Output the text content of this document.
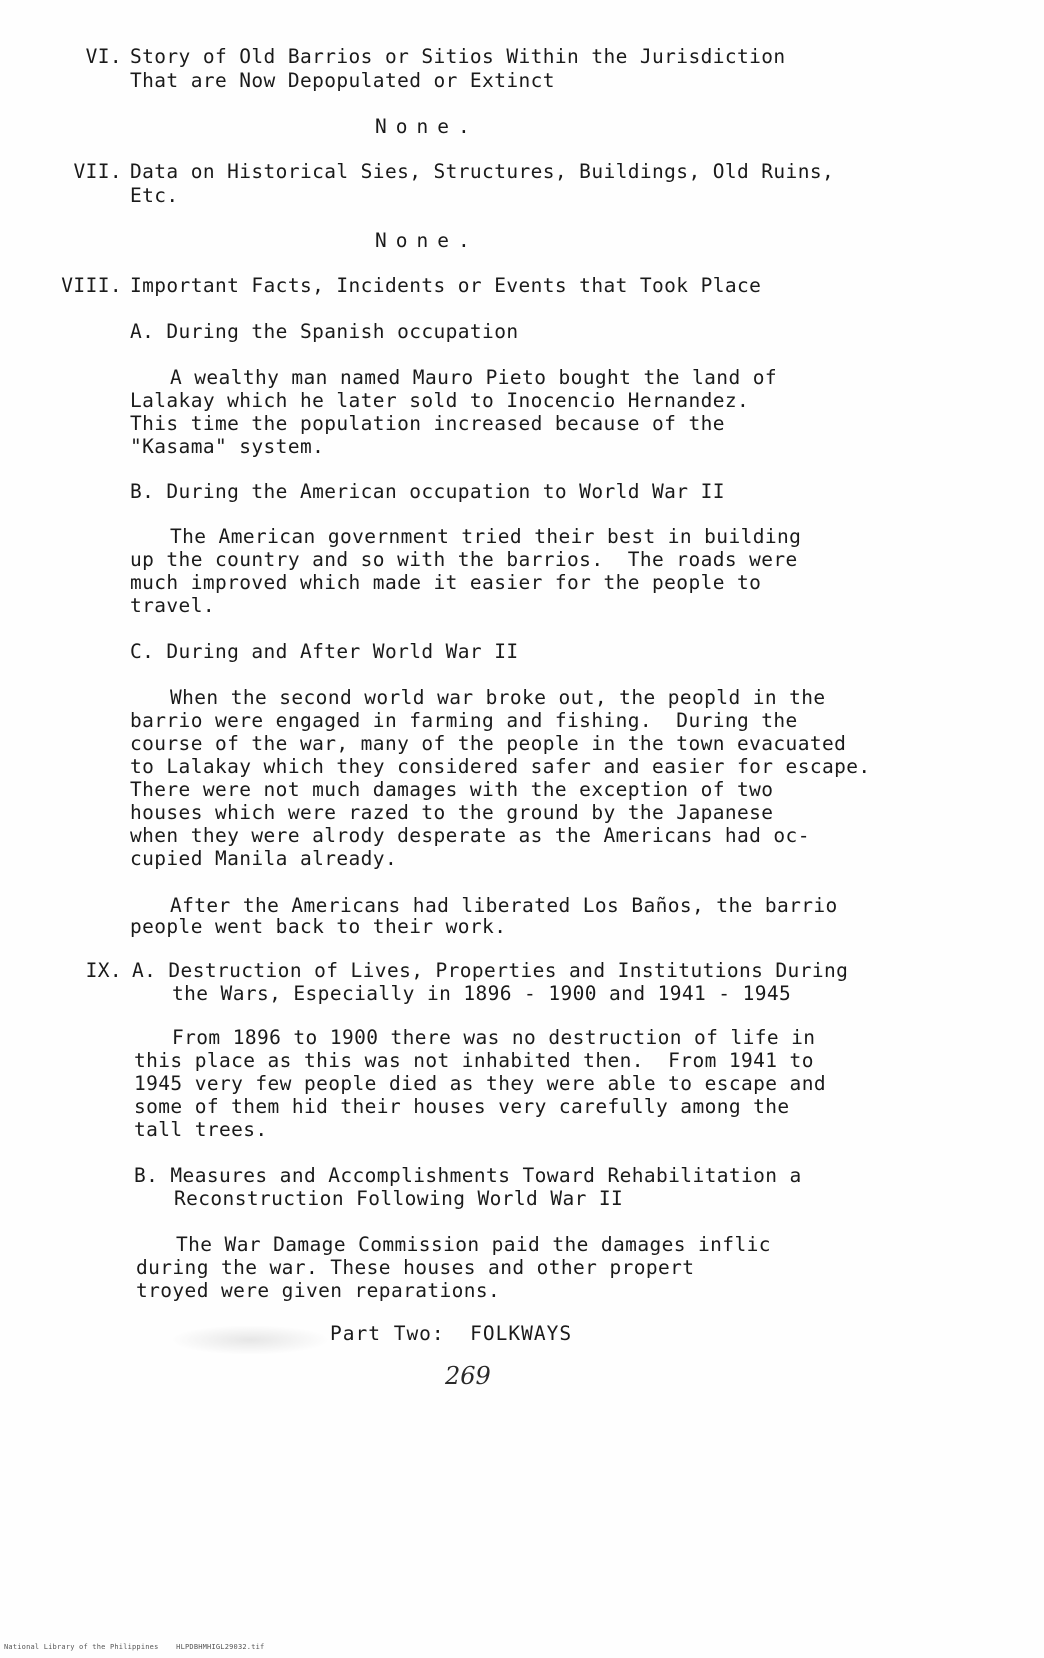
VI. Story of Old Barrios or Sitios Within the Jurisdiction
That are Now Depopulated or Extinct
None.
VII. Data on Historical Sies, Structures, Buildings, Old Ruins,
Etc.
None.
VIII. Important Facts, Incidents or Events that Took Place
A. During the Spanish occupation
A wealthy man named Mauro Pieto bought the land of
Lalakay which he later sold to Inocencio Hernandez.
This time the population increased because of the
"Kasama" system.
B. During the American occupation to World War II
The American government tried their best in building
up the country and so with the barrios.  The roads were
much improved which made it easier for the people to
travel.
C. During and After World War II
When the second world war broke out, the peopld in the
barrio were engaged in farming and fishing.  During the
course of the war, many of the people in the town evacuated
to Lalakay which they considered safer and easier for escape.
There were not much damages with the exception of two
houses which were razed to the ground by the Japanese
when they were alrody desperate as the Americans had oc-
cupied Manila already.
After the Americans had liberated Los Baños, the barrio
people went back to their work.
IX. A. Destruction of Lives, Properties and Institutions During
the Wars, Especially in 1896 - 1900 and 1941 - 1945
From 1896 to 1900 there was no destruction of life in
this place as this was not inhabited then.  From 1941 to
1945 very few people died as they were able to escape and
some of them hid their houses very carefully among the
tall trees.
B. Measures and Accomplishments Toward Rehabilitation a
Reconstruction Following World War II
The War Damage Commission paid the damages inflic
during the war. These houses and other propert
troyed were given reparations.
Part Two:  FOLKWAYS
269
National Library of the Philippines    HLPDBHMHIGL29032.tif
